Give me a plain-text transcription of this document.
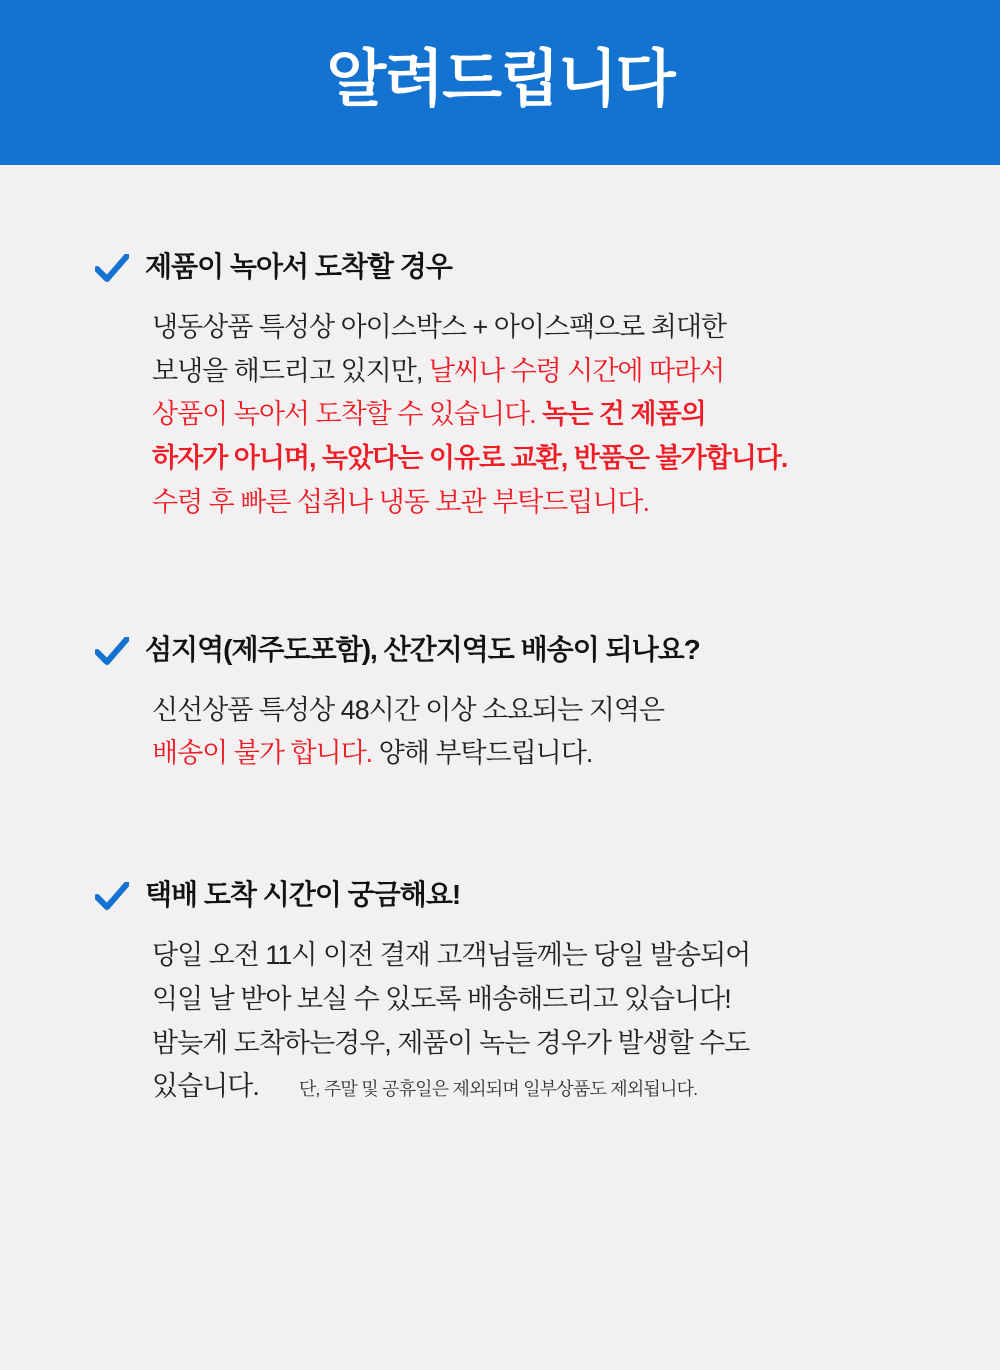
알려드립니다
제품이 녹아서 도착할 경우
냉동상품 특성상 아이스박스 + 아이스팩으로 최대한
보냉을 해드리고 있지만, 날씨나 수령 시간에 따라서
상품이 녹아서 도착할 수 있습니다. 녹는 건 제품의
하자가 아니며, 녹았다는 이유로 교환, 반품은 불가합니다.
수령 후 빠른 섭취나 냉동 보관 부탁드립니다.
섬지역(제주도포함), 산간지역도 배송이 되나요?
신선상품 특성상 48시간 이상 소요되는 지역은
배송이 불가 합니다. 양해 부탁드립니다.
택배 도착 시간이 궁금해요!
당일 오전 11시 이전 결재 고객님들께는 당일 발송되어
익일 날 받아 보실 수 있도록 배송해드리고 있습니다!
밤늦게 도착하는경우, 제품이 녹는 경우가 발생할 수도
있습니다.	단, 주말 및 공휴일은 제외되며 일부상품도 제외됩니다.
